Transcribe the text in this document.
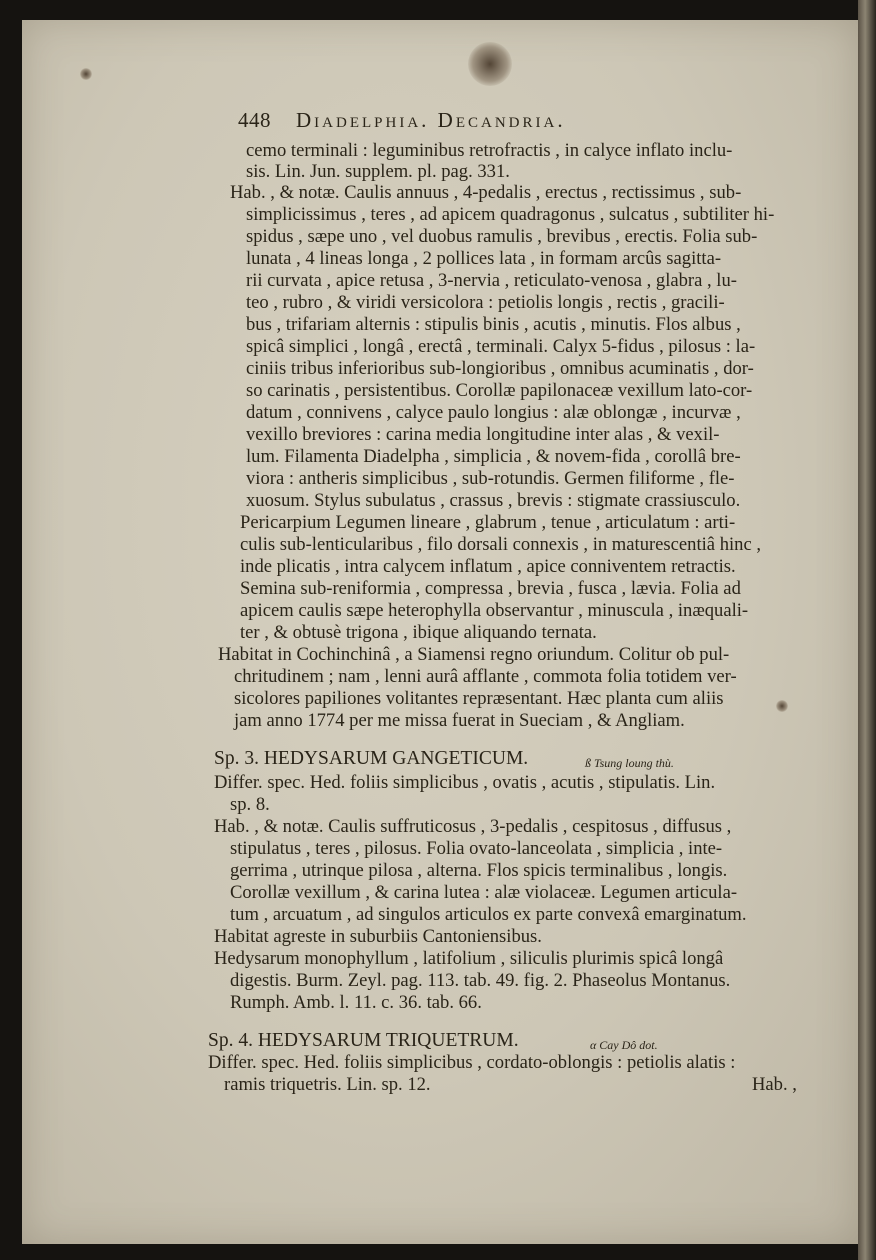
448 Diadelphia. Decandria.
cemo terminali : leguminibus retrofractis , in calyce inflato inclu-
sis. Lin. Jun. supplem. pl. pag. 331.
Hab. , & notæ. Caulis annuus , 4-pedalis , erectus , rectissimus , sub-
simplicissimus , teres , ad apicem quadragonus , sulcatus , subtiliter hi-
spidus , sæpe uno , vel duobus ramulis , brevibus , erectis. Folia sub-
lunata , 4 lineas longa , 2 pollices lata , in formam arcûs sagitta-
rii curvata , apice retusa , 3-nervia , reticulato-venosa , glabra , lu-
teo , rubro , & viridi versicolora : petiolis longis , rectis , gracili-
bus , trifariam alternis : stipulis binis , acutis , minutis. Flos albus ,
spicâ simplici , longâ , erectâ , terminali. Calyx 5-fidus , pilosus : la-
ciniis tribus inferioribus sub-longioribus , omnibus acuminatis , dor-
so carinatis , persistentibus. Corollæ papilonaceæ vexillum lato-cor-
datum , connivens , calyce paulo longius : alæ oblongæ , incurvæ ,
vexillo breviores : carina media longitudine inter alas , & vexil-
lum. Filamenta Diadelpha , simplicia , & novem-fida , corollâ bre-
viora : antheris simplicibus , sub-rotundis. Germen filiforme , fle-
xuosum. Stylus subulatus , crassus , brevis : stigmate crassiusculo.
Pericarpium Legumen lineare , glabrum , tenue , articulatum : arti-
culis sub-lenticularibus , filo dorsali connexis , in maturescentiâ hinc ,
inde plicatis , intra calycem inflatum , apice conniventem retractis.
Semina sub-reniformia , compressa , brevia , fusca , lævia. Folia ad
apicem caulis sæpe heterophylla observantur , minuscula , inæquali-
ter , & obtusè trigona , ibique aliquando ternata.
Habitat in Cochinchinâ , a Siamensi regno oriundum. Colitur ob pul-
chritudinem ; nam , lenni aurâ afflante , commota folia totidem ver-
sicolores papiliones volitantes repræsentant. Hæc planta cum aliis
jam anno 1774 per me missa fuerat in Sueciam , & Angliam.
Sp. 3. HEDYSARUM GANGETICUM.	ß Tsung loung thù.
Differ. spec. Hed. foliis simplicibus , ovatis , acutis , stipulatis. Lin.
sp. 8.
Hab. , & notæ. Caulis suffruticosus , 3-pedalis , cespitosus , diffusus ,
stipulatus , teres , pilosus. Folia ovato-lanceolata , simplicia , inte-
gerrima , utrinque pilosa , alterna. Flos spicis terminalibus , longis.
Corollæ vexillum , & carina lutea : alæ violaceæ. Legumen articula-
tum , arcuatum , ad singulos articulos ex parte convexâ emarginatum.
Habitat agreste in suburbiis Cantoniensibus.
Hedysarum monophyllum , latifolium , siliculis plurimis spicâ longâ
digestis. Burm. Zeyl. pag. 113. tab. 49. fig. 2. Phaseolus Montanus.
Rumph. Amb. l. 11. c. 36. tab. 66.
Sp. 4. HEDYSARUM TRIQUETRUM.	α Cay Dô dot.
Differ. spec. Hed. foliis simplicibus , cordato-oblongis : petiolis alatis :
ramis triquetris. Lin. sp. 12.	Hab. ,
